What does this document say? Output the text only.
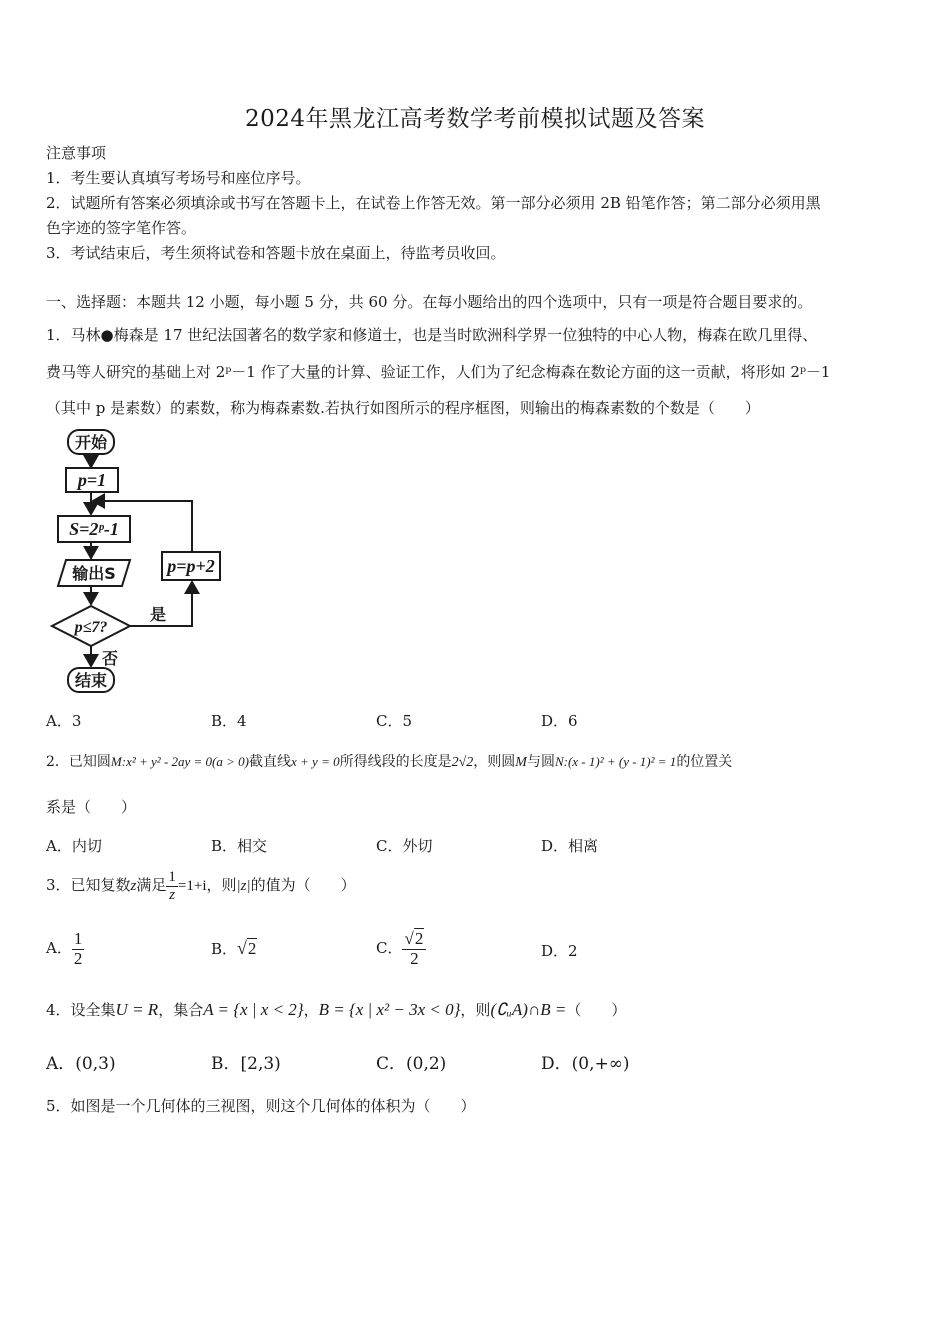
2024年黑龙江高考数学考前模拟试题及答案
注意事项
1．考生要认真填写考场号和座位序号。
2．试题所有答案必须填涂或书写在答题卡上，在试卷上作答无效。第一部分必须用 2B 铅笔作答；第二部分必须用黑
色字迹的签字笔作答。
3．考试结束后，考生须将试卷和答题卡放在桌面上，待监考员收回。
一、选择题：本题共 12 小题，每小题 5 分，共 60 分。在每小题给出的四个选项中，只有一项是符合题目要求的。
1．马林●梅森是 17 世纪法国著名的数学家和修道士，也是当时欧洲科学界一位独特的中心人物，梅森在欧几里得、
费马等人研究的基础上对 2ᵖ－1 作了大量的计算、验证工作，人们为了纪念梅森在数论方面的这一贡献，将形如 2ᵖ－1
（其中 p 是素数）的素数，称为梅森素数.若执行如图所示的程序框图，则输出的梅森素数的个数是（　　）
开始
p=1
S=2ᵖ-1
输出S
p≤7?
p=p+2
是
否
结束
A．3	B．4	C．5	D．6
2．已知圆M:x² + y² - 2ay = 0(a > 0)截直线x + y = 0所得线段的长度是2√2，则圆M与圆N:(x - 1)² + (y - 1)² = 1的位置关
系是（　　）
A．内切	B．相交	C．外切	D．相离
3．已知复数z满足 $\frac{1}{z} =1+i$，则|z|的值为（　　）
A． $\frac{1}{2}$	B．√2	C． $\frac{√2}{2}$	D．2
4．设全集U = R，集合A = {x | x < 2}，B = {x | x² − 3x < 0}，则(∁ᵤA)∩B =（　　）
A．(0,3)	B．[2,3)	C．(0,2)	D．(0,+∞)
5．如图是一个几何体的三视图，则这个几何体的体积为（　　）
